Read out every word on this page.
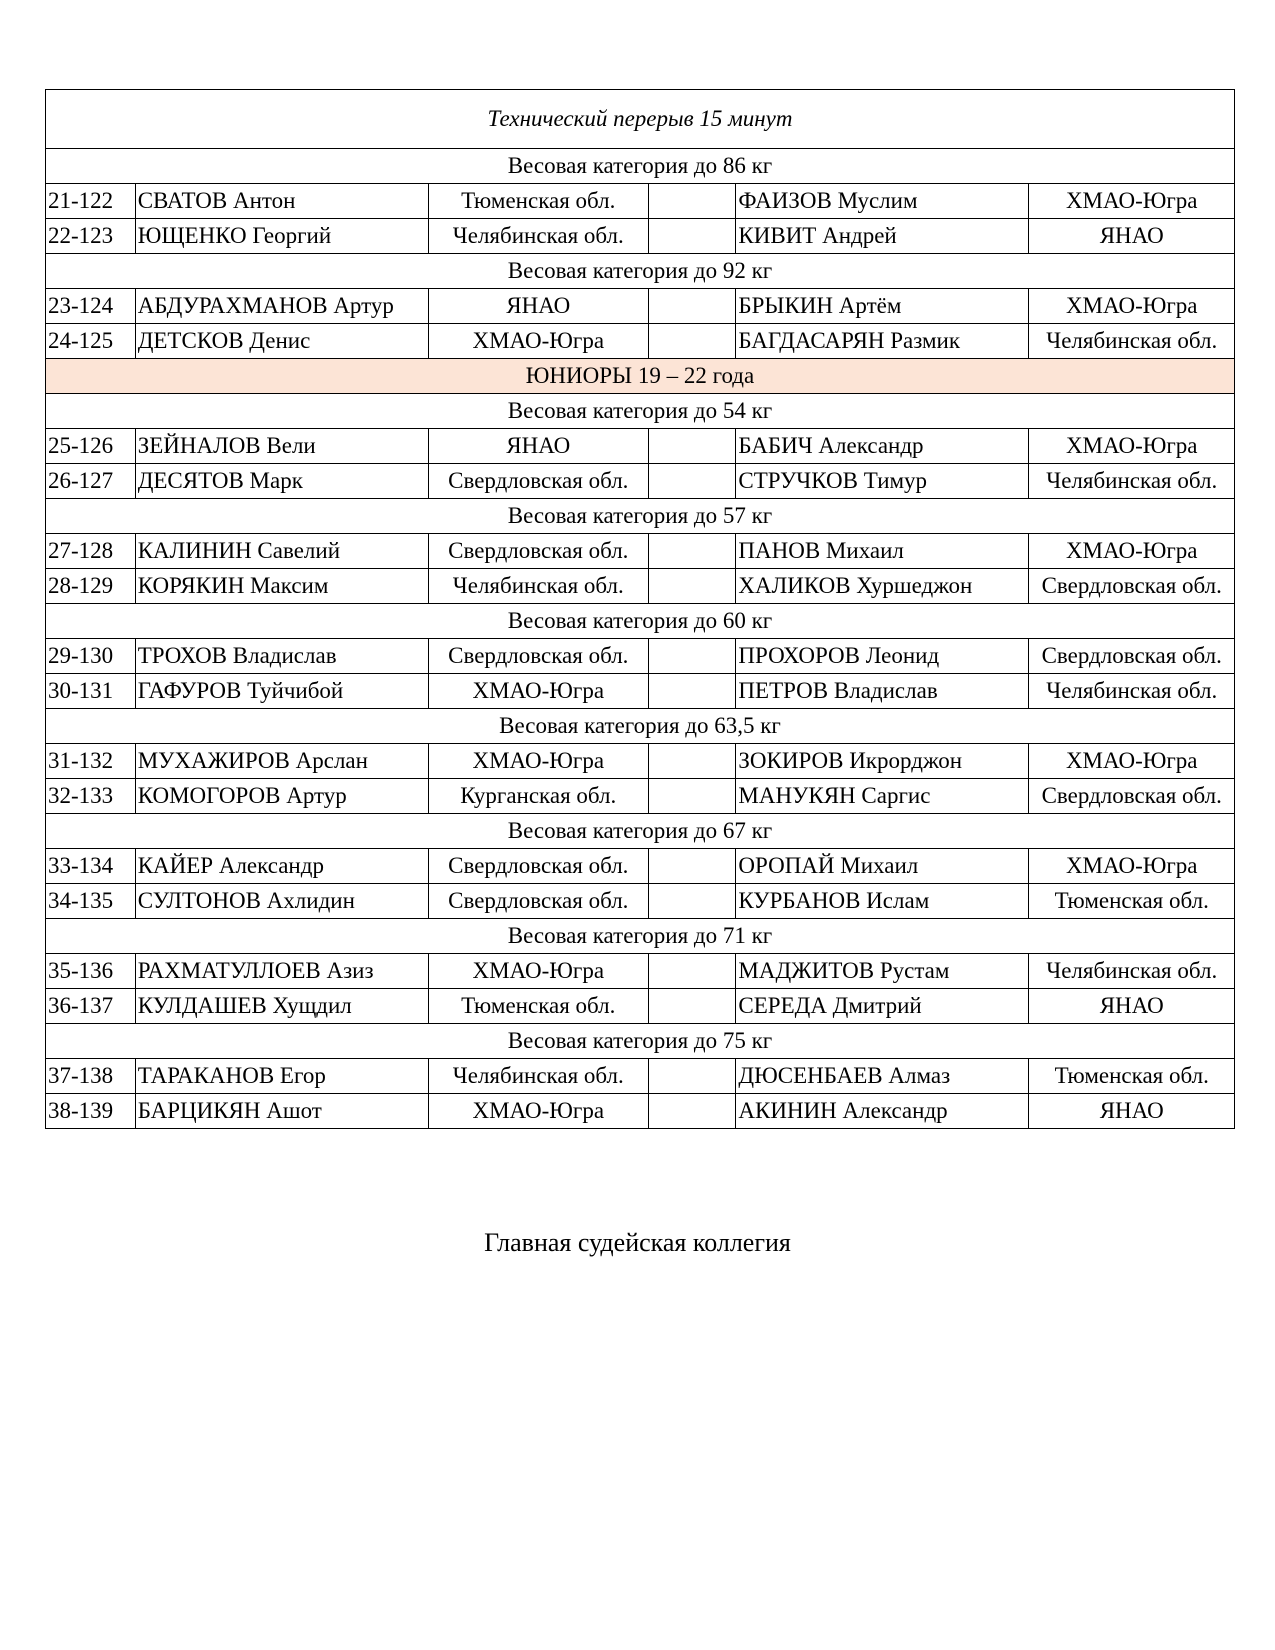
Технический перерыв 15 минут					
Весовая категория до 86 кг					
21-122	СВАТОВ Антон	Тюменская обл.		ФАИЗОВ Муслим	ХМАО-Югра
22-123	ЮЩЕНКО Георгий	Челябинская обл.		КИВИТ Андрей	ЯНАО
Весовая категория до 92 кг					
23-124	АБДУРАХМАНОВ Артур	ЯНАО		БРЫКИН Артём	ХМАО-Югра
24-125	ДЕТСКОВ Денис	ХМАО-Югра		БАГДАСАРЯН Размик	Челябинская обл.
ЮНИОРЫ 19 – 22 года					
Весовая категория до 54 кг					
25-126	ЗЕЙНАЛОВ Вели	ЯНАО		БАБИЧ Александр	ХМАО-Югра
26-127	ДЕСЯТОВ Марк	Свердловская обл.		СТРУЧКОВ Тимур	Челябинская обл.
Весовая категория до 57 кг					
27-128	КАЛИНИН Савелий	Свердловская обл.		ПАНОВ Михаил	ХМАО-Югра
28-129	КОРЯКИН Максим	Челябинская обл.		ХАЛИКОВ Хуршеджон	Свердловская обл.
Весовая категория до 60 кг					
29-130	ТРОХОВ Владислав	Свердловская обл.		ПРОХОРОВ Леонид	Свердловская обл.
30-131	ГАФУРОВ Туйчибой	ХМАО-Югра		ПЕТРОВ Владислав	Челябинская обл.
Весовая категория до 63,5 кг					
31-132	МУХАЖИРОВ Арслан	ХМАО-Югра		ЗОКИРОВ Икрорджон	ХМАО-Югра
32-133	КОМОГОРОВ Артур	Курганская обл.		МАНУКЯН Саргис	Свердловская обл.
Весовая категория до 67 кг					
33-134	КАЙЕР Александр	Свердловская обл.		ОРОПАЙ Михаил	ХМАО-Югра
34-135	СУЛТОНОВ Ахлидин	Свердловская обл.		КУРБАНОВ Ислам	Тюменская обл.
Весовая категория до 71 кг					
35-136	РАХМАТУЛЛОЕВ Азиз	ХМАО-Югра		МАДЖИТОВ Рустам	Челябинская обл.
36-137	КУЛДАШЕВ Хущдил	Тюменская обл.		СЕРЕДА Дмитрий	ЯНАО
Весовая категория до 75 кг					
37-138	ТАРАКАНОВ Егор	Челябинская обл.		ДЮСЕНБАЕВ Алмаз	Тюменская обл.
38-139	БАРЦИКЯН Ашот	ХМАО-Югра		АКИНИН Александр	ЯНАО
Главная судейская коллегия
